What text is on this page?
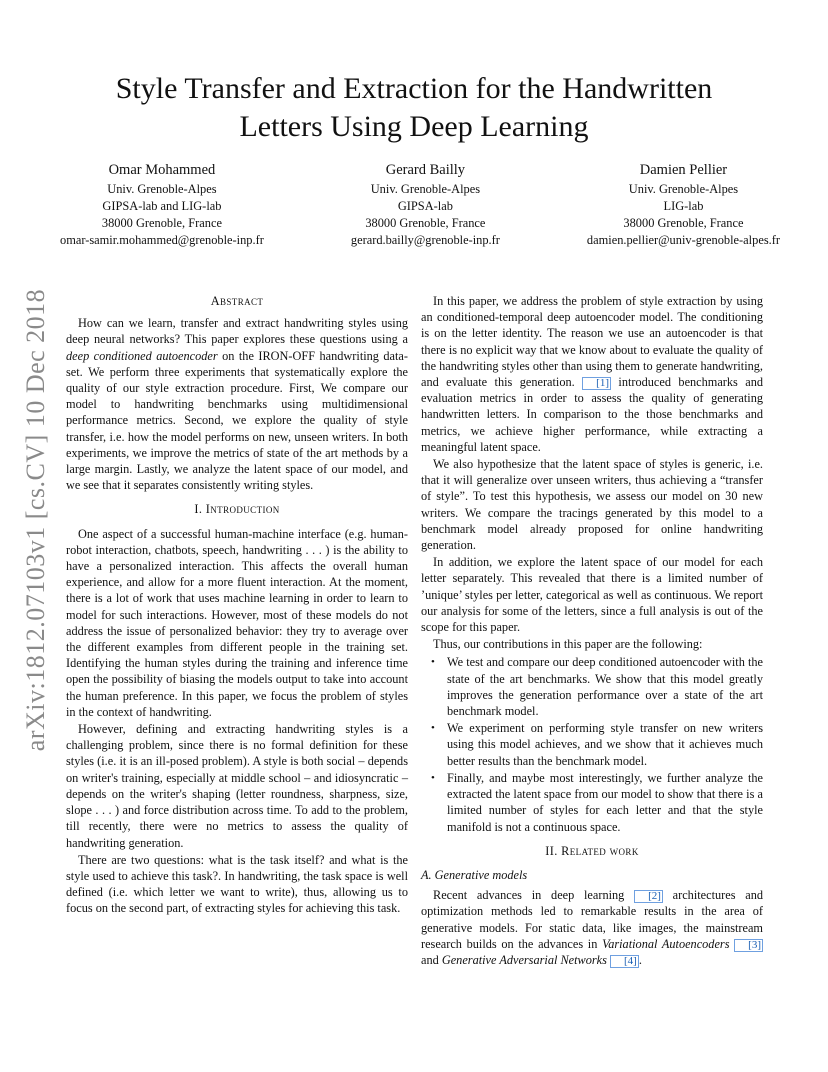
arXiv:1812.07103v1 [cs.CV] 10 Dec 2018
Style Transfer and Extraction for the Handwritten
Letters Using Deep Learning
Omar Mohammed
Univ. Grenoble-Alpes
GIPSA-lab and LIG-lab
38000 Grenoble, France
omar-samir.mohammed@grenoble-inp.fr
Gerard Bailly
Univ. Grenoble-Alpes
GIPSA-lab
38000 Grenoble, France
gerard.bailly@grenoble-inp.fr
Damien Pellier
Univ. Grenoble-Alpes
LIG-lab
38000 Grenoble, France
damien.pellier@univ-grenoble-alpes.fr
Abstract

How can we learn, transfer and extract handwriting styles using deep neural networks? This paper explores these questions using a deep conditioned autoencoder on the IRON-OFF handwriting data-set. We perform three experiments that systematically explore the quality of our style extraction procedure. First, We compare our model to handwriting benchmarks using multidimensional performance metrics. Second, we explore the quality of style transfer, i.e. how the model performs on new, unseen writers. In both experiments, we improve the metrics of state of the art methods by a large margin. Lastly, we analyze the latent space of our model, and we see that it separates consistently writing styles.

I. Introduction

One aspect of a successful human-machine interface (e.g. human-robot interaction, chatbots, speech, handwriting . . . ) is the ability to have a personalized interaction. This affects the overall human experience, and allow for a more fluent interaction. At the moment, there is a lot of work that uses machine learning in order to learn to model for such interactions. However, most of these models do not address the issue of personalized behavior: they try to average over the different examples from different people in the training set. Identifying the human styles during the training and inference time open the possibility of biasing the models output to take into account the human preference. In this paper, we focus the problem of styles in the context of handwriting.

However, defining and extracting handwriting styles is a challenging problem, since there is no formal definition for these styles (i.e. it is an ill-posed problem). A style is both social – depends on writer's training, especially at middle school – and idiosyncratic – depends on the writer's shaping (letter roundness, sharpness, size, slope . . . ) and force distribution across time. To add to the problem, till recently, there were no metrics to assess the quality of handwriting generation.

There are two questions: what is the task itself? and what is the style used to achieve this task?. In handwriting, the task space is well defined (i.e. which letter we want to write), thus, allowing us to focus on the second part, of extracting styles for achieving this task.

In this paper, we address the problem of style extraction by using an conditioned-temporal deep autoencoder model. The conditioning is on the letter identity. The reason we use an autoencoder is that there is no explicit way that we know about to evaluate the quality of the handwriting styles other than using them to generate handwriting, and evaluate this generation. [1] introduced benchmarks and evaluation metrics in order to assess the quality of generating handwritten letters. In comparison to the those benchmarks and metrics, we achieve higher performance, while extracting a meaningful latent space.

We also hypothesize that the latent space of styles is generic, i.e. that it will generalize over unseen writers, thus achieving a “transfer of style”. To test this hypothesis, we assess our model on 30 new writers. We compare the tracings generated by this model to a benchmark model already proposed for online handwriting generation.

In addition, we explore the latent space of our model for each letter separately. This revealed that there is a limited number of ’unique’ styles per letter, categorical as well as continuous. We report our analysis for some of the letters, since a full analysis is out of the scope for this paper.

Thus, our contributions in this paper are the following:

• We test and compare our deep conditioned autoencoder with the state of the art benchmarks. We show that this model greatly improves the generation performance over a state of the art benchmark model.
• We experiment on performing style transfer on new writers using this model achieves, and we show that it achieves much better results than the benchmark model.
• Finally, and maybe most interestingly, we further analyze the extracted the latent space from our model to show that there is a limited number of styles for each letter and that the style manifold is not a continuous space.
II. Related work
A. Generative models

Recent advances in deep learning [2] architectures and optimization methods led to remarkable results in the area of generative models. For static data, like images, the mainstream research builds on the advances in Variational Autoencoders [3] and Generative Adversarial Networks [4] .
